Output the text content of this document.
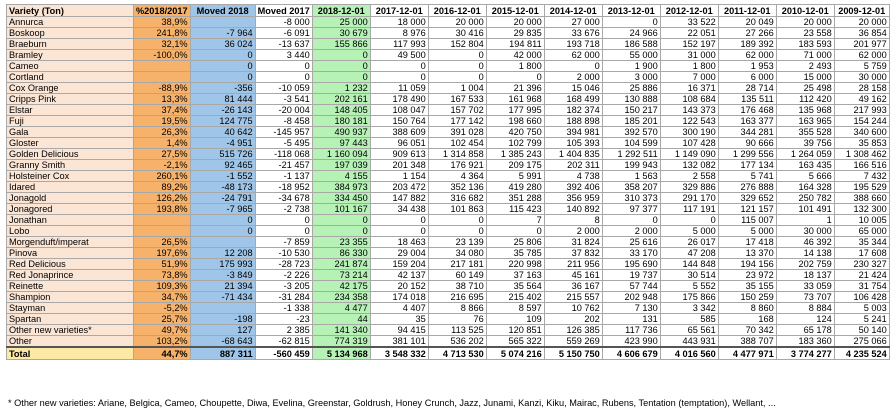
Variety (Ton)	%2018/2017	Moved 2018	Moved 2017	2018-12-01	2017-12-01	2016-12-01	2015-12-01	2014-12-01	2013-12-01	2012-12-01	2011-12-01	2010-12-01	2009-12-01
Annurca	38,9%		-8 000	25 000	18 000	20 000	20 000	27 000	0	33 522	20 049	20 000	20 000
Boskoop	241,8%	-7 964	-6 091	30 679	8 976	30 416	29 835	33 676	24 966	22 051	27 266	23 558	36 854
Braeburn	32,1%	36 024	-13 637	155 866	117 993	152 804	194 811	193 718	186 588	152 197	189 392	183 593	201 977
Bramley	-100,0%	0	3 440	0	49 500	0	42 000	62 000	55 000	31 000	62 000	71 000	62 000
Cameo		0	0	0	0	0	1 800	0	1 900	1 800	1 953	2 493	5 759
Cortland		0	0	0	0	0	0	2 000	3 000	7 000	6 000	15 000	30 000
Cox Orange	-88,9%	-356	-10 059	1 232	11 059	1 004	21 396	15 046	25 886	16 371	28 714	25 498	28 158
Cripps Pink	13,3%	81 444	-3 541	202 161	178 490	167 533	161 968	168 499	130 888	108 684	135 511	112 420	49 162
Elstar	37,4%	-26 143	-20 004	148 405	108 047	157 702	177 995	182 374	150 217	143 373	176 468	135 968	217 993
Fuji	19,5%	124 775	-8 458	180 181	150 764	177 142	198 660	188 898	185 201	122 543	163 377	163 965	154 244
Gala	26,3%	40 642	-145 957	490 937	388 609	391 028	420 750	394 981	392 570	300 190	344 281	355 528	340 600
Gloster	1,4%	-4 951	-5 495	97 443	96 051	102 454	102 799	105 393	104 599	107 428	90 666	39 756	35 853
Golden Delicious	27,5%	515 726	-118 068	1 160 094	909 613	1 314 858	1 385 243	1 404 835	1 292 511	1 149 090	1 299 556	1 264 059	1 308 462
Granny Smith	-2,1%	92 465	-21 457	197 039	201 348	176 921	209 175	202 311	199 943	132 082	177 134	163 435	166 516
Holsteiner Cox	260,1%	-1 552	-1 137	4 155	1 154	4 364	5 991	4 738	1 563	2 558	5 741	5 666	7 432
Idared	89,2%	-48 173	-18 952	384 973	203 472	352 136	419 280	392 406	358 207	329 886	276 888	164 328	195 529
Jonagold	126,2%	-24 791	-34 678	334 450	147 882	316 682	351 288	356 959	310 373	291 170	329 652	250 782	388 660
Jonagored	193,8%	-7 965	-2 738	101 167	34 438	101 863	115 423	140 892	97 377	117 191	121 157	101 491	132 300
Jonathan		0	0	0	0	0	7	8	0	0	115 007	1	10 005
Lobo		0	0	0	0	0	0	2 000	2 000	5 000	5 000	30 000	65 000
Morgenduft/imperat	26,5%		-7 859	23 355	18 463	23 139	25 806	31 824	25 616	26 017	17 418	46 392	35 344
Pinova	197,6%	12 208	-10 530	86 330	29 004	34 080	35 785	37 832	33 170	47 208	13 370	14 138	17 608
Red Delicious	51,9%	175 993	-28 723	241 874	159 204	217 181	220 998	211 956	195 690	144 848	194 156	202 759	230 327
Red Jonaprince	73,8%	-3 849	-2 226	73 214	42 137	60 149	37 163	45 161	19 737	30 514	23 972	18 137	21 424
Reinette	109,3%	21 394	-3 205	42 175	20 152	38 710	35 564	36 167	57 744	5 552	35 155	33 059	31 754
Shampion	34,7%	-71 434	-31 284	234 358	174 018	216 695	215 402	215 557	202 948	175 866	150 259	73 707	106 428
Stayman	-5,2%		-1 338	4 477	4 407	8 866	8 597	10 762	7 130	3 342	8 860	8 884	5 003
Spartan	25,7%	-198	-23	44	35	76	109	202	131	585	168	124	5 241
Other new varieties*	49,7%	127	2 385	141 340	94 415	113 525	120 851	126 385	117 736	65 561	70 342	65 178	50 140
Other	103,2%	-68 643	-62 815	774 319	381 101	536 202	565 322	559 269	423 990	443 931	388 707	183 360	275 066
Total	44,7%	887 311	-560 459	5 134 968	3 548 332	4 713 530	5 074 216	5 150 750	4 606 679	4 016 560	4 477 971	3 774 277	4 235 524
* Other new varieties: Ariane, Belgica, Cameo, Choupette, Diwa, Evelina, Greenstar, Goldrush, Honey Crunch, Jazz, Junami, Kanzi, Kiku, Mairac, Rubens, Tentation (temptation), Wellant, ...
